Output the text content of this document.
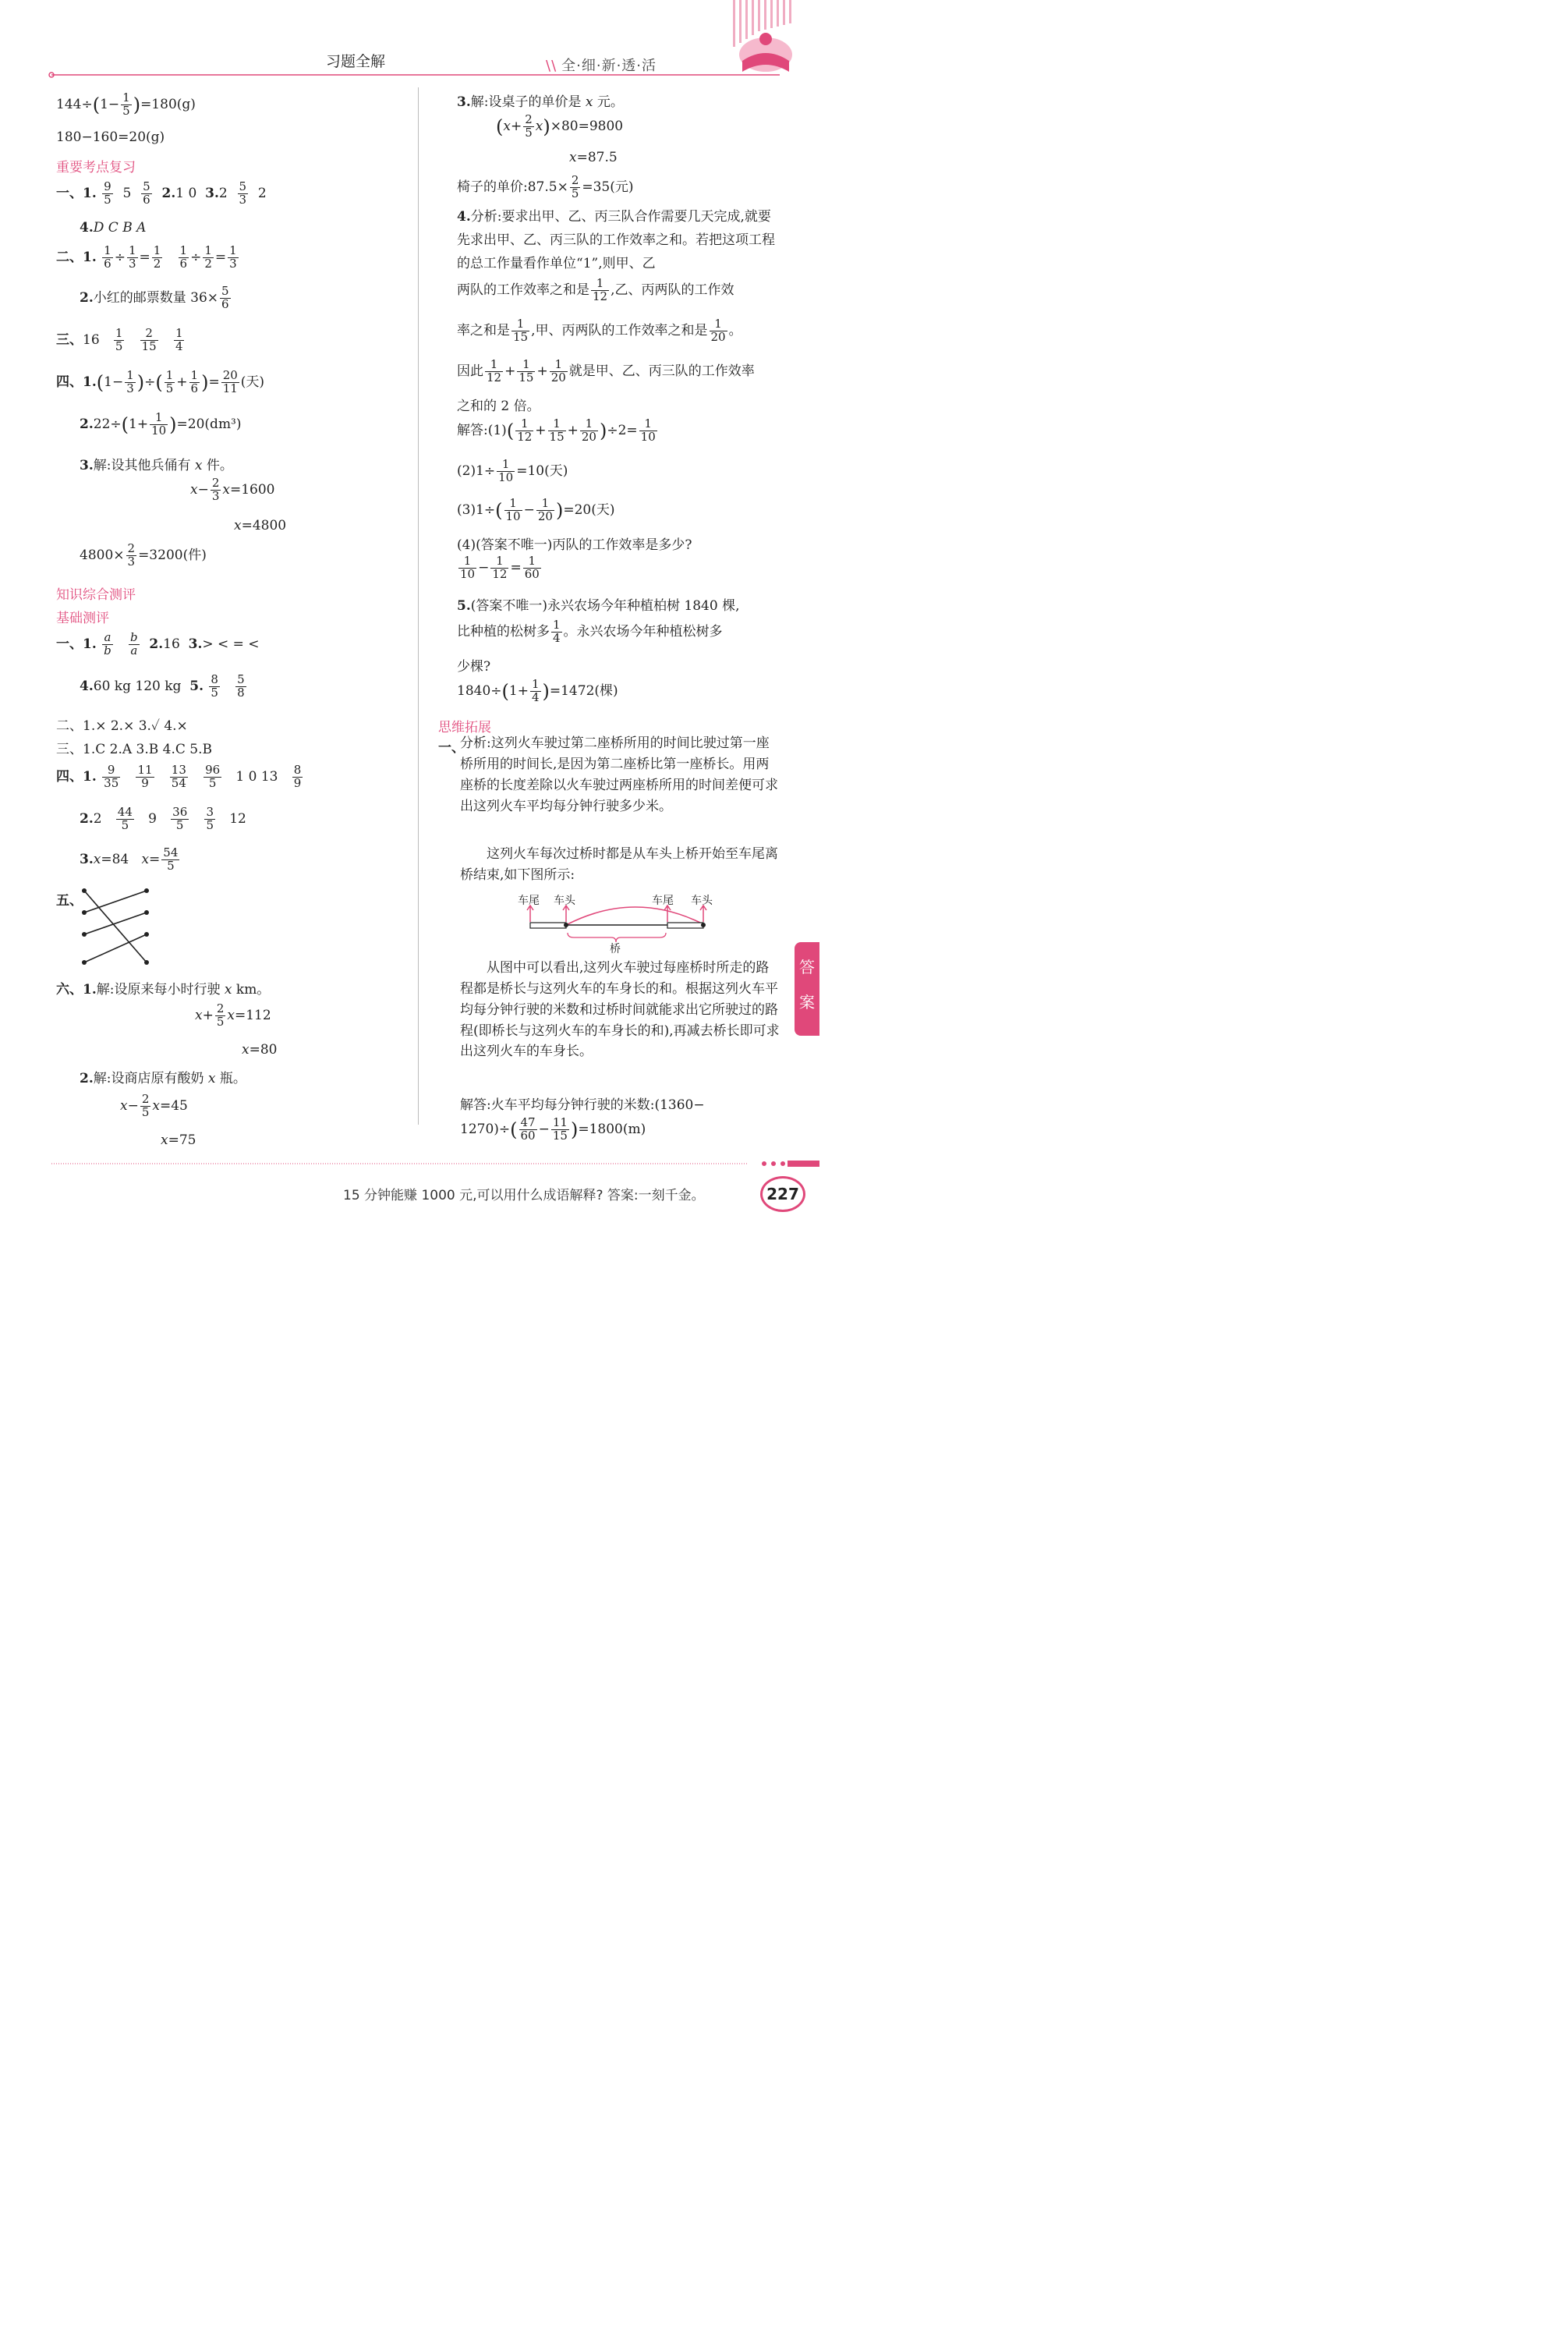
习题全解	\\ 全·细·新·透·活
$144\div(1- \frac{1}{5} )=180(g)$
180−160=20(g)
重要考点复习
一、1. $\frac{9}{5} 5 \frac{5}{6} 2.1$ 0 $3.2 \frac{5}{3} 2$
4.D C B A
二、1. $\frac{1}{6} \div \frac{1}{3} = \frac{1}{2}$
$\frac{1}{6} \div \frac{1}{2} = \frac{1}{3}$
2.小红的邮票数量 $36\times \frac{5}{6}$
三、$16 \frac{1}{5}$
$\frac{2}{15}$
$\frac{1}{4}$
四、$1.(1- \frac{1}{3}$ )÷( $\frac{1}{5} + \frac{1}{6}$ )= $\frac{20}{11}$ (天)
$2.22\div(1+ \frac{1}{10} )=20(dm^3)$
3.解:设其他兵俑有 x 件。
$x- \frac{2}{3} x=1600$
x=4800
$4800\times \frac{2}{3} =3200$(件)
知识综合测评
基础测评
一、1. $\frac{a}{b}$
$\frac{b}{a} 2.16$ 3.> < = <
4.60 kg 120 kg 5. $\frac{8}{5}$
$\frac{5}{8}$
二、1.× 2.× 3.✓ 4.×
三、1.C 2.A 3.B 4.C 5.B
四、1. $\frac{9}{35}$
$\frac{11}{9}$
$\frac{13}{54}$
$\frac{96}{5} 1$ 0 $13 \frac{8}{9}$
$2.2 \frac{44}{5} 9 \frac{36}{5}$
$\frac{3}{5} 12$
3.x=84 $x= \frac{54}{5}$
五、
六、1.解:设原来每小时行驶 x km。
$x+ \frac{2}{5} x=112$
x=80
2.解:设商店原有酸奶 x 瓶。
$x- \frac{2}{5} x=45$
x=75
3.解:设桌子的单价是 x 元。
$(x+ \frac{2}{5} x)\times 80=9800$
x=87.5
椅子的单价:87.5× $\frac{2}{5} =35$(元)
4.分析:要求出甲、乙、丙三队合作需要几天完成,就要先求出甲、乙、丙三队的工作效率之和。若把这项工程的总工作量看作单位“1”,则甲、乙
两队的工作效率之和是 $\frac{1}{12}$ ,乙、丙两队的工作效
率之和是 $\frac{1}{15}$ ,甲、丙两队的工作效率之和是 $\frac{1}{20}$ 。
因此 $\frac{1}{12} + \frac{1}{15} + \frac{1}{20}$ 就是甲、乙、丙三队的工作效率
之和的 2 倍。
解答:(1)( $\frac{1}{12} + \frac{1}{15} + \frac{1}{20} )\div 2= \frac{1}{10}$
$(2)1\div \frac{1}{10} =10$(天)
$(3)1\div( \frac{1}{10} - \frac{1}{20} )=20$(天)
(4)(答案不唯一)丙队的工作效率是多少?
$\frac{1}{10} - \frac{1}{12} = \frac{1}{60}$
5.(答案不唯一)永兴农场今年种植柏树 1840 棵,
比种植的松树多 $\frac{1}{4}$ 。永兴农场今年种植松树多
少棵?
$1840\div(1+ \frac{1}{4} )=1472$(棵)
思维拓展
一、
分析:这列火车驶过第二座桥所用的时间比驶过第一座桥所用的时间长,是因为第二座桥比第一座桥长。用两座桥的长度差除以火车驶过两座桥所用的时间差便可求出这列火车平均每分钟行驶多少米。
这列火车每次过桥时都是从车头上桥开始至车尾离桥结束,如下图所示:
车尾 车头	车尾 车头
桥
从图中可以看出,这列火车驶过每座桥时所走的路程都是桥长与这列火车的车身长的和。根据这列火车平均每分钟行驶的米数和过桥时间就能求出它所驶过的路程(即桥长与这列火车的车身长的和),再减去桥长即可求出这列火车的车身长。
解答:火车平均每分钟行驶的米数:(1360−
$1270)\div( \frac{47}{60} - \frac{11}{15} )=1800(m)$
答
案
15 分钟能赚 1000 元,可以用什么成语解释? 答案:一刻千金。	227
